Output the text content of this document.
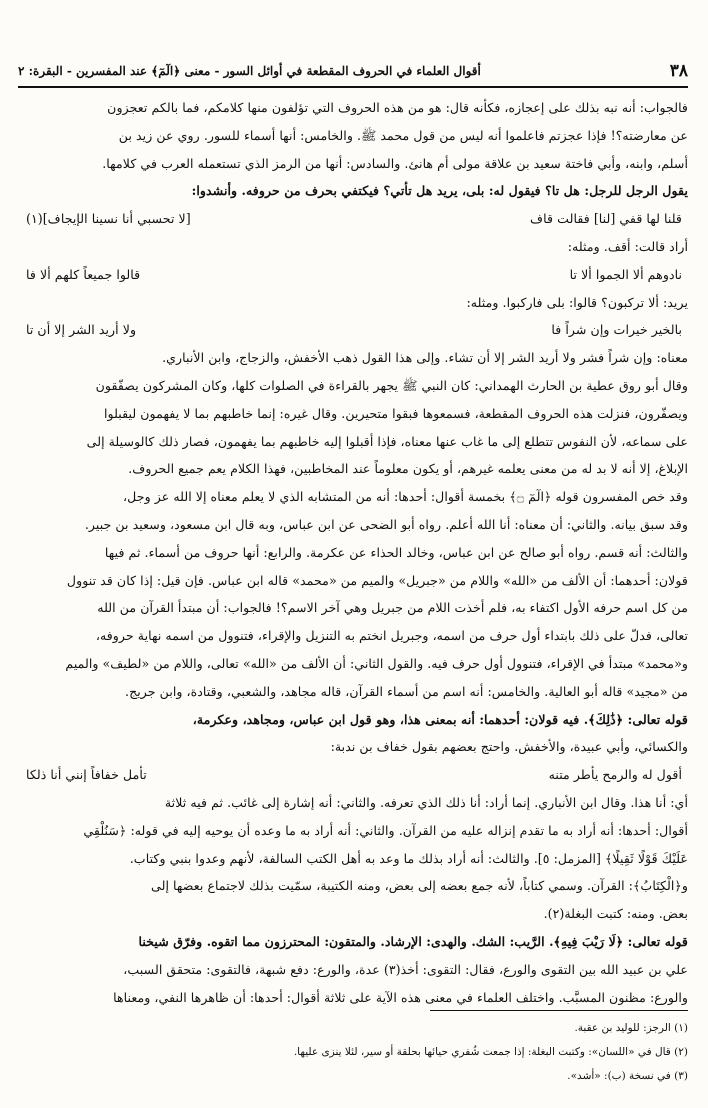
٣٨
أقوال العلماء في الحروف المقطعة في أوائل السور - معنى ﴿الٓمٓ﴾ عند المفسرين - البقرة: ٢

فالجواب: أنه نبه بذلك على إعجازه، فكأنه قال: هو من هذه الحروف التي تؤلفون منها كلامكم، فما بالكم تعجزون

عن معارضته؟! فإذا عجزتم فاعلموا أنه ليس من قول محمد ﷺ. والخامس: أنها أسماء للسور. روي عن زيد بن

أسلم، وابنه، وأبي فاختة سعيد بن علاقة مولى أم هانئ. والسادس: أنها من الرمز الذي تستعمله العرب في كلامها.

يقول الرجل للرجل: هل تا؟ فيقول له: بلى، يريد هل تأتي؟ فيكتفي بحرف من حروفه. وأنشدوا:

قلنا لها قفي [لنا] فقالت قاف
[لا تحسبي أنا نسينا الإيجاف](١)

أراد قالت: أقف. ومثله:

نادوهم ألا الجموا ألا تا
قالوا جميعاً كلهم ألا فا

يريد: ألا تركبون؟ قالوا: بلى فاركبوا. ومثله:

بالخير خيرات وإن شراً فا
ولا أريد الشر إلا أن تا

معناه: وإن شراً فشر ولا أريد الشر إلا أن تشاء. وإلى هذا القول ذهب الأخفش، والزجاج، وابن الأنباري.

وقال أبو روق عطية بن الحارث الهمداني: كان النبي ﷺ يجهر بالقراءة في الصلوات كلها، وكان المشركون يصفّقون

ويصفّرون، فنزلت هذه الحروف المقطعة، فسمعوها فبقوا متحيرين. وقال غيره: إنما خاطبهم بما لا يفهمون ليقبلوا

على سماعه، لأن النفوس تتطلع إلى ما غاب عنها معناه، فإذا أقبلوا إليه خاطبهم بما يفهمون، فصار ذلك كالوسيلة إلى

الإبلاغ، إلا أنه لا بد له من معنى يعلمه غيرهم، أو يكون معلوماً عند المخاطبين، فهذا الكلام يعم جميع الحروف.

وقد خص المفسرون قوله ﴿الٓمٓ ۝﴾ بخمسة أقوال: أحدها: أنه من المتشابه الذي لا يعلم معناه إلا الله عز وجل،

وقد سبق بيانه. والثاني: أن معناه: أنا الله أعلم. رواه أبو الضحى عن ابن عباس، وبه قال ابن مسعود، وسعيد بن جبير.

والثالث: أنه قسم. رواه أبو صالح عن ابن عباس، وخالد الحذاء عن عكرمة. والرابع: أنها حروف من أسماء. ثم فيها

قولان: أحدهما: أن الألف من «الله» واللام من «جبريل» والميم من «محمد» قاله ابن عباس. فإن قيل: إذا كان قد تنوول

من كل اسم حرفه الأول اكتفاء به، فلم أخذت اللام من جبريل وهي آخر الاسم؟! فالجواب: أن مبتدأ القرآن من الله

تعالى، فدلّ على ذلك بابتداء أول حرف من اسمه، وجبريل انختم به التنزيل والإقراء، فتنوول من اسمه نهاية حروفه،

و«محمد» مبتدأ في الإقراء، فتنوول أول حرف فيه. والقول الثاني: أن الألف من «الله» تعالى، واللام من «لطيف» والميم

من «مجيد» قاله أبو العالية. والخامس: أنه اسم من أسماء القرآن، قاله مجاهد، والشعبي، وقتادة، وابن جريج.

قوله تعالى: ﴿ذَٰلِكَ﴾. فيه قولان: أحدهما: أنه بمعنى هذا، وهو قول ابن عباس، ومجاهد، وعكرمة،

والكسائي، وأبي عبيدة، والأخفش. واحتج بعضهم بقول خفاف بن ندبة:

أقول له والرمح يأطر متنه
تأمل خفافاً إنني أنا ذلكا

أي: أنا هذا. وقال ابن الأنباري. إنما أراد: أنا ذلك الذي تعرفه. والثاني: أنه إشارة إلى غائب. ثم فيه ثلاثة

أقوال: أحدها: أنه أراد به ما تقدم إنزاله عليه من القرآن. والثاني: أنه أراد به ما وعده أن يوحيه إليه في قوله: ﴿سَنُلْقِي

عَلَيْكَ قَوْلًا ثَقِيلًا﴾ [المزمل: ٥]. والثالث: أنه أراد بذلك ما وعد به أهل الكتب السالفة، لأنهم وعدوا بنبي وكتاب.

و﴿الْكِتَابُ﴾: القرآن. وسمي كتاباً، لأنه جمع بعضه إلى بعض، ومنه الكتيبة، سمّيت بذلك لاجتماع بعضها إلى

بعض. ومنه: كتبت البغلة(٢).

قوله تعالى: ﴿لَا رَيْبَ فِيهِ﴾. الرَّيب: الشك. والهدى: الإرشاد. والمتقون: المحترزون مما اتقوه. وفرّق شيخنا

علي بن عبيد الله بين التقوى والورع، فقال: التقوى: أخذ(٣) عدة، والورع: دفع شبهة، فالتقوى: متحقق السبب،

والورع: مظنون المسبَّب. واختلف العلماء في معنى هذه الآية على ثلاثة أقوال: أحدها: أن ظاهرها النفي، ومعناها

(١) الرجز: للوليد بن عقبة.

(٢) قال في «اللسان»: وكتبت البغلة: إذا جمعت شُفري حيائها بحلقة أو سير، لئلا ينزى عليها.

(٣) في نسخة (ب): «أشد».
